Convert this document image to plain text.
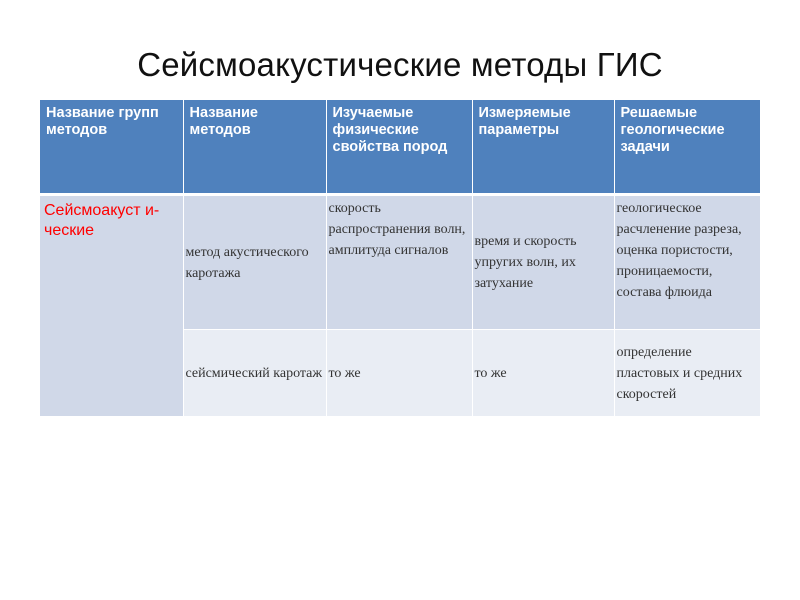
Сейсмоакустические методы ГИС
Название групп методов	Название методов	Изучаемые физические свойства пород	Измеряемые параметры	Решаемые геологические задачи
Сейсмоакуст и-ческие	метод акустического каротажа	скорость распространения волн, амплитуда сигналов	время и скорость упругих волн, их затухание	геологическое расчленение разреза, оценка пористости, проницаемости, состава флюида
	сейсмический каротаж	то же	то же	определение пластовых и средних скоростей
